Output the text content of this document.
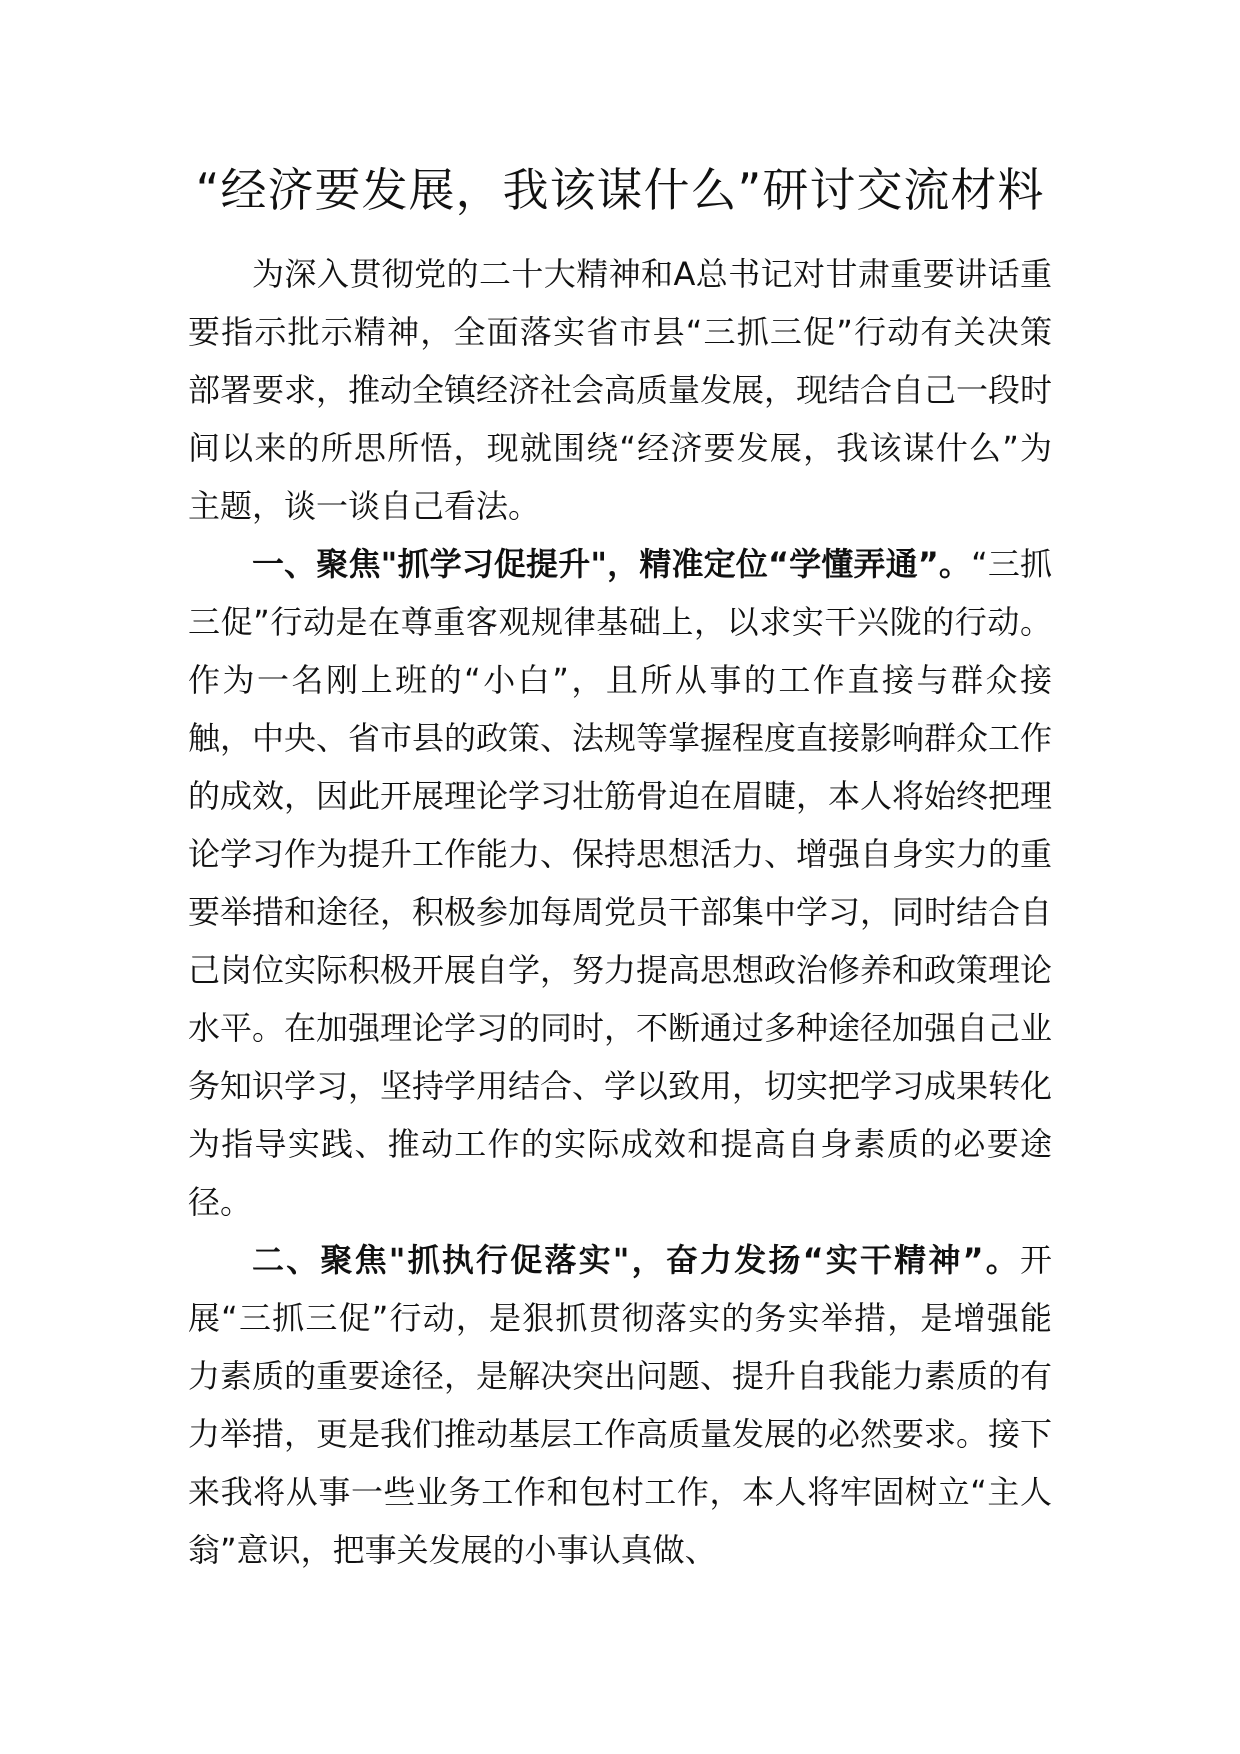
“经济要发展，我该谋什么”研讨交流材料

为深入贯彻党的二十大精神和A总书记对甘肃重要讲话重要指示批示精神，全面落实省市县“三抓三促”行动有关决策部署要求，推动全镇经济社会高质量发展，现结合自己一段时间以来的所思所悟，现就围绕“经济要发展，我该谋什么”为主题，谈一谈自己看法。

一、聚焦"抓学习促提升"，精准定位“学懂弄通”。“三抓三促”行动是在尊重客观规律基础上，以求实干兴陇的行动。作为一名刚上班的“小白”，且所从事的工作直接与群众接触，中央、省市县的政策、法规等掌握程度直接影响群众工作的成效，因此开展理论学习壮筋骨迫在眉睫，本人将始终把理论学习作为提升工作能力、保持思想活力、增强自身实力的重要举措和途径，积极参加每周党员干部集中学习，同时结合自己岗位实际积极开展自学，努力提高思想政治修养和政策理论水平。在加强理论学习的同时，不断通过多种途径加强自己业务知识学习，坚持学用结合、学以致用，切实把学习成果转化为指导实践、推动工作的实际成效和提高自身素质的必要途径。

二、聚焦"抓执行促落实"，奋力发扬“实干精神”。开展“三抓三促”行动，是狠抓贯彻落实的务实举措，是增强能力素质的重要途径，是解决突出问题、提升自我能力素质的有力举措，更是我们推动基层工作高质量发展的必然要求。接下来我将从事一些业务工作和包村工作，本人将牢固树立“主人翁”意识，把事关发展的小事认真做、
